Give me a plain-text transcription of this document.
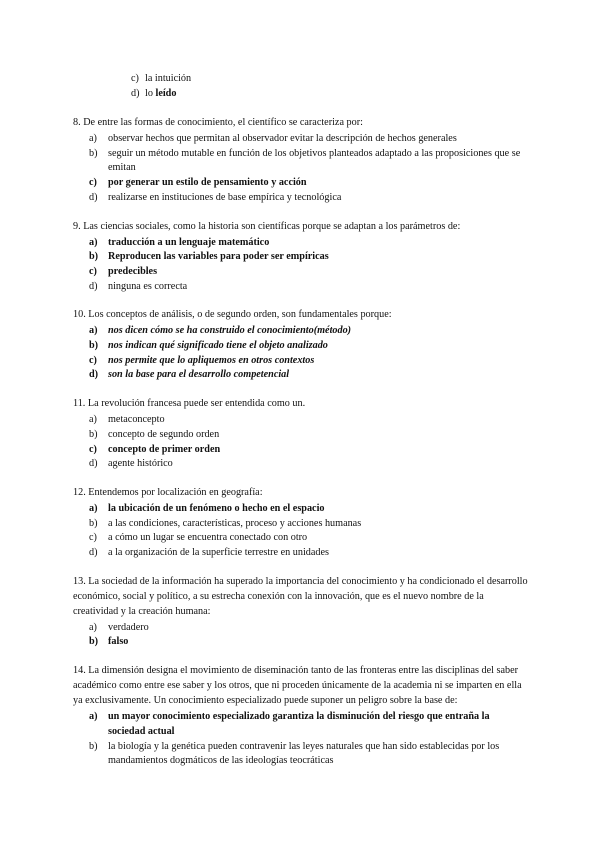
c) la intuición
d) lo leído
8. De entre las formas de conocimiento, el científico se caracteriza por:
a)	observar hechos que permitan al observador evitar la descripción de hechos generales
b)	seguir un método mutable en función de los objetivos planteados adaptado a las proposiciones que se emitan
c)	por generar un estilo de pensamiento y acción
d)	realizarse en instituciones de base empírica y tecnológica
9. Las ciencias sociales, como la historia son científicas porque se adaptan a los parámetros de:
a)	traducción a un lenguaje matemático
b) Reproducen las variables para poder ser empíricas
c)	predecibles
d)	ninguna es correcta
10. Los conceptos de análisis, o de segundo orden, son fundamentales porque:
a)	nos dicen cómo se ha construido el conocimiento(método)
b) nos indican qué significado tiene el objeto analizado
c)	nos permite que lo apliquemos en otros contextos
d) son la base para el desarrollo competencial
11. La revolución francesa puede ser entendida como un.
a)	metaconcepto
b)	concepto de segundo orden
c)	concepto de primer orden
d)	agente histórico
12. Entendemos por localización en geografía:
a)	la ubicación de un fenómeno o hecho en el espacio
b)	a las condiciones, características, proceso y acciones humanas
c)	a cómo un lugar se encuentra conectado con otro
d)	a la organización de la superficie terrestre en unidades
13. La sociedad de la información ha superado la importancia del conocimiento y ha condicionado el desarrollo económico, social y político, a su estrecha conexión con la innovación, que es el nuevo nombre de la creatividad y la creación humana:
a)	verdadero
b) falso
14. La dimensión designa el movimiento de diseminación tanto de las fronteras entre las disciplinas del saber académico como entre ese saber y los otros, que ni proceden únicamente de la academia ni se imparten en ella ya exclusivamente. Un conocimiento especializado puede suponer un peligro sobre la base de:
a)	un mayor conocimiento especializado garantiza la disminución del riesgo que entraña la sociedad actual
b)	la biología y la genética pueden contravenir las leyes naturales que han sido establecidas por los mandamientos dogmáticos de las ideologías teocráticas
